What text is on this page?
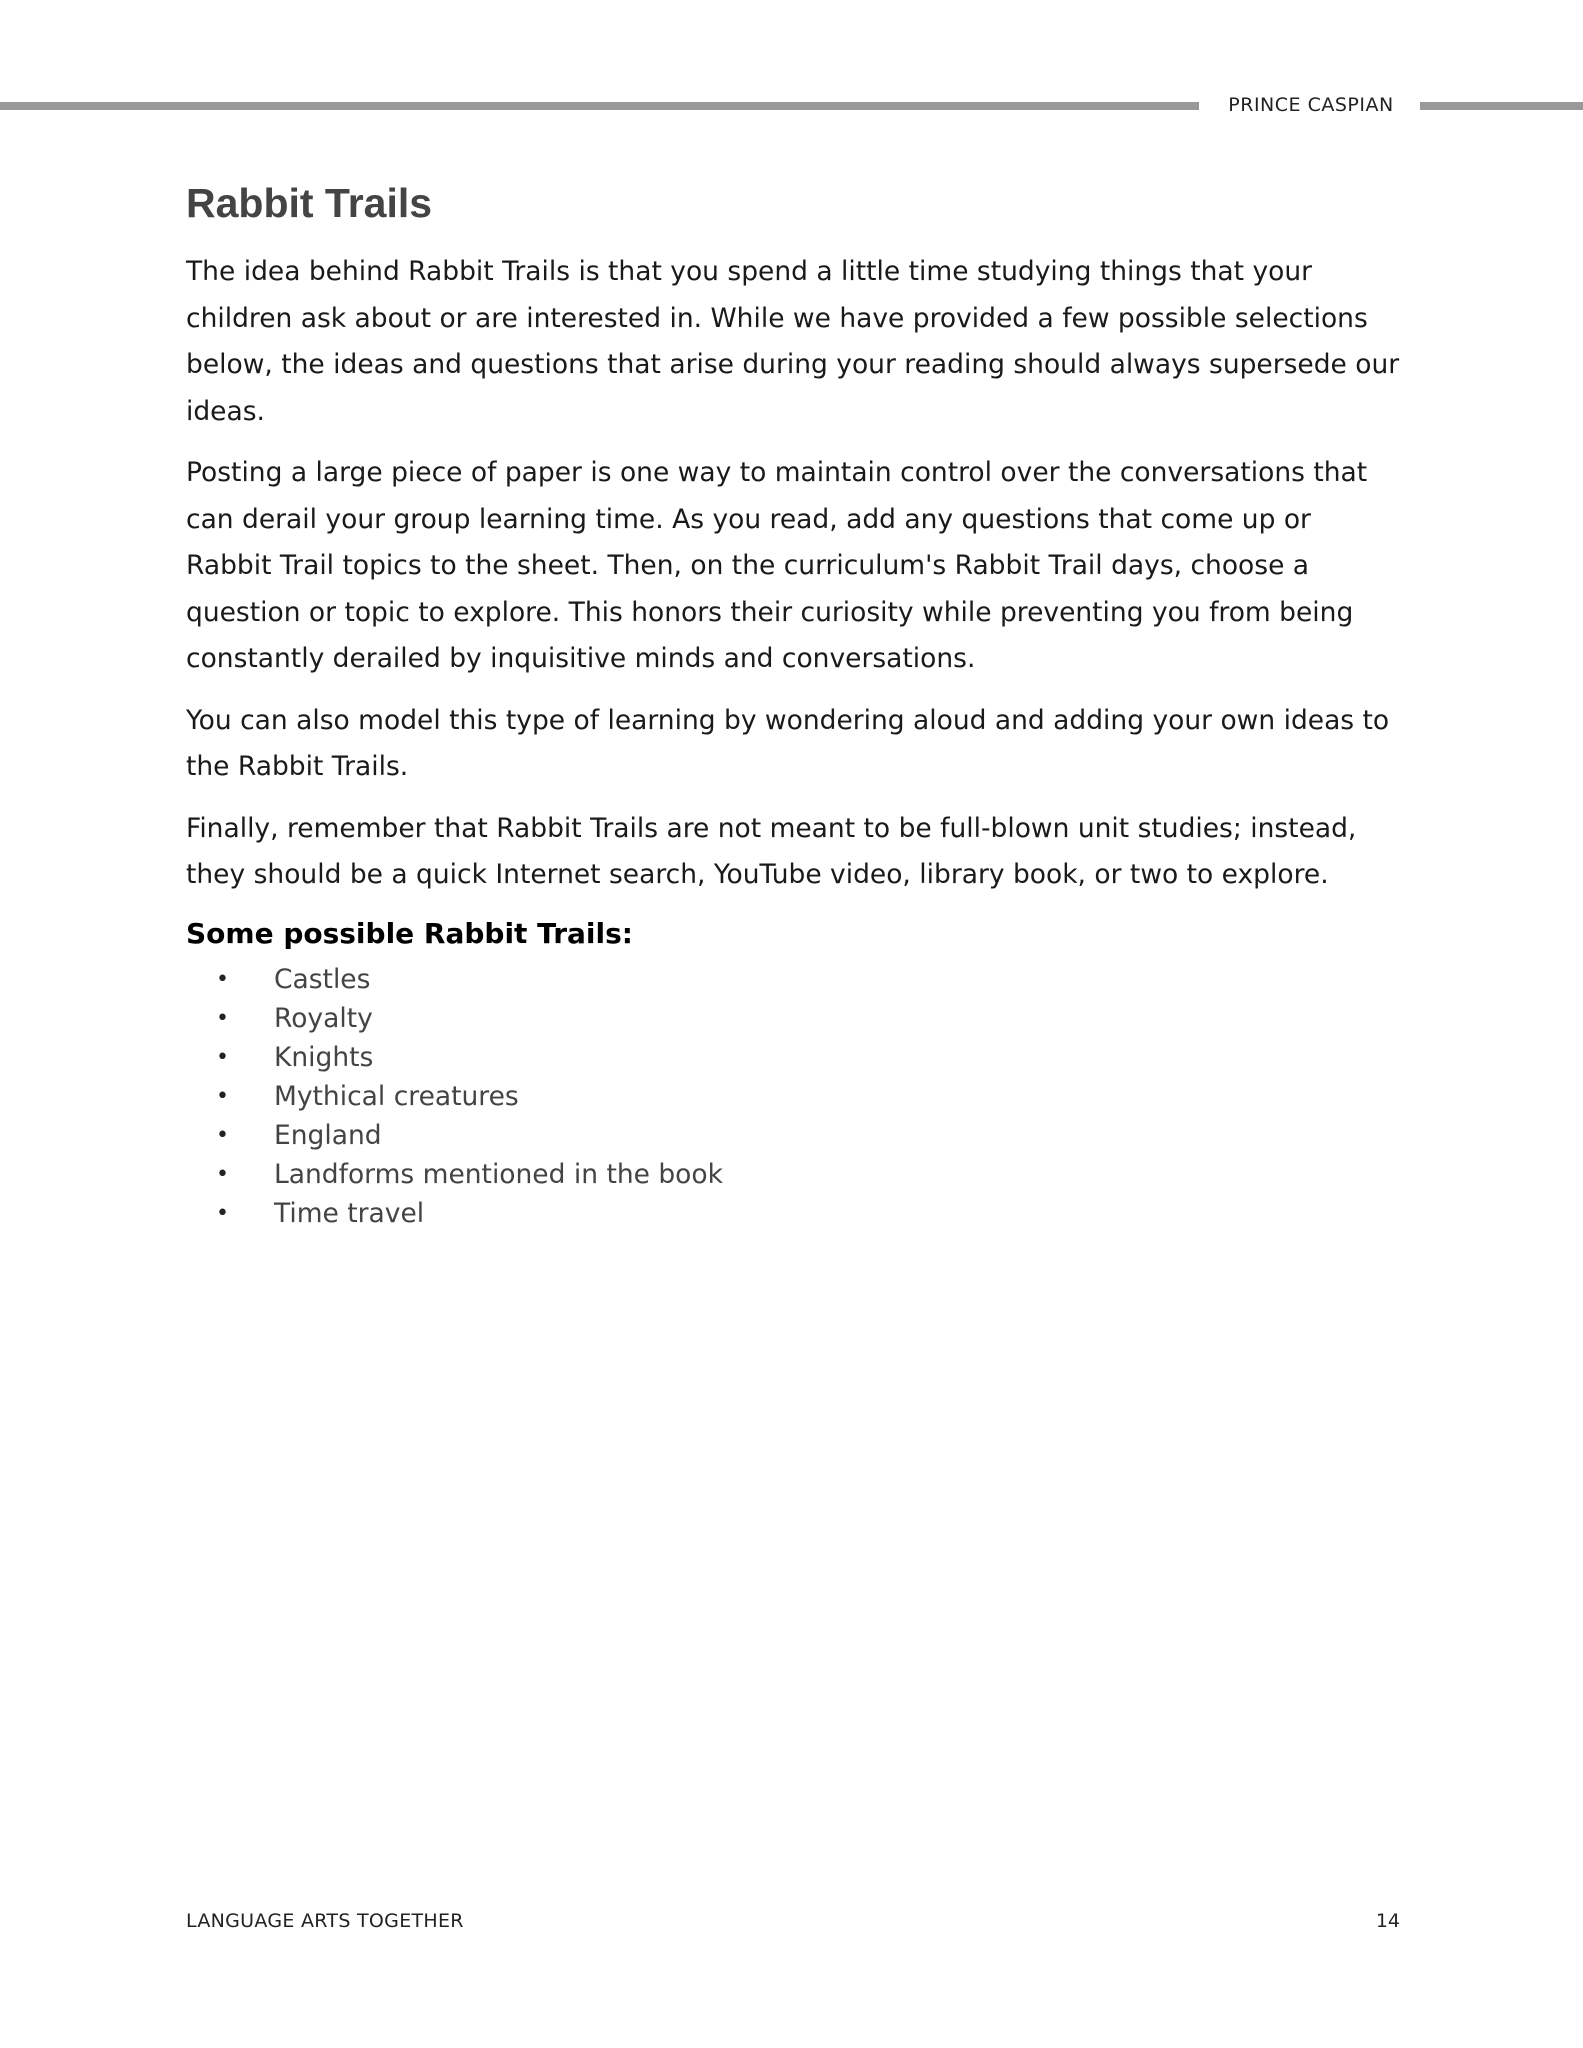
PRINCE CASPIAN
Rabbit Trails

The idea behind Rabbit Trails is that you spend a little time studying things that your children ask about or are interested in. While we have provided a few possible selections below, the ideas and questions that arise during your reading should always supersede our ideas.

Posting a large piece of paper is one way to maintain control over the conversations that can derail your group learning time. As you read, add any questions that come up or Rabbit Trail topics to the sheet. Then, on the curriculum's Rabbit Trail days, choose a question or topic to explore. This honors their curiosity while preventing you from being constantly derailed by inquisitive minds and conversations.

You can also model this type of learning by wondering aloud and adding your own ideas to the Rabbit Trails.

Finally, remember that Rabbit Trails are not meant to be full-blown unit studies; instead, they should be a quick Internet search, YouTube video, library book, or two to explore.

Some possible Rabbit Trails:
• Castles
• Royalty
• Knights
• Mythical creatures
• England
• Landforms mentioned in the book
• Time travel
LANGUAGE ARTS TOGETHER	14
